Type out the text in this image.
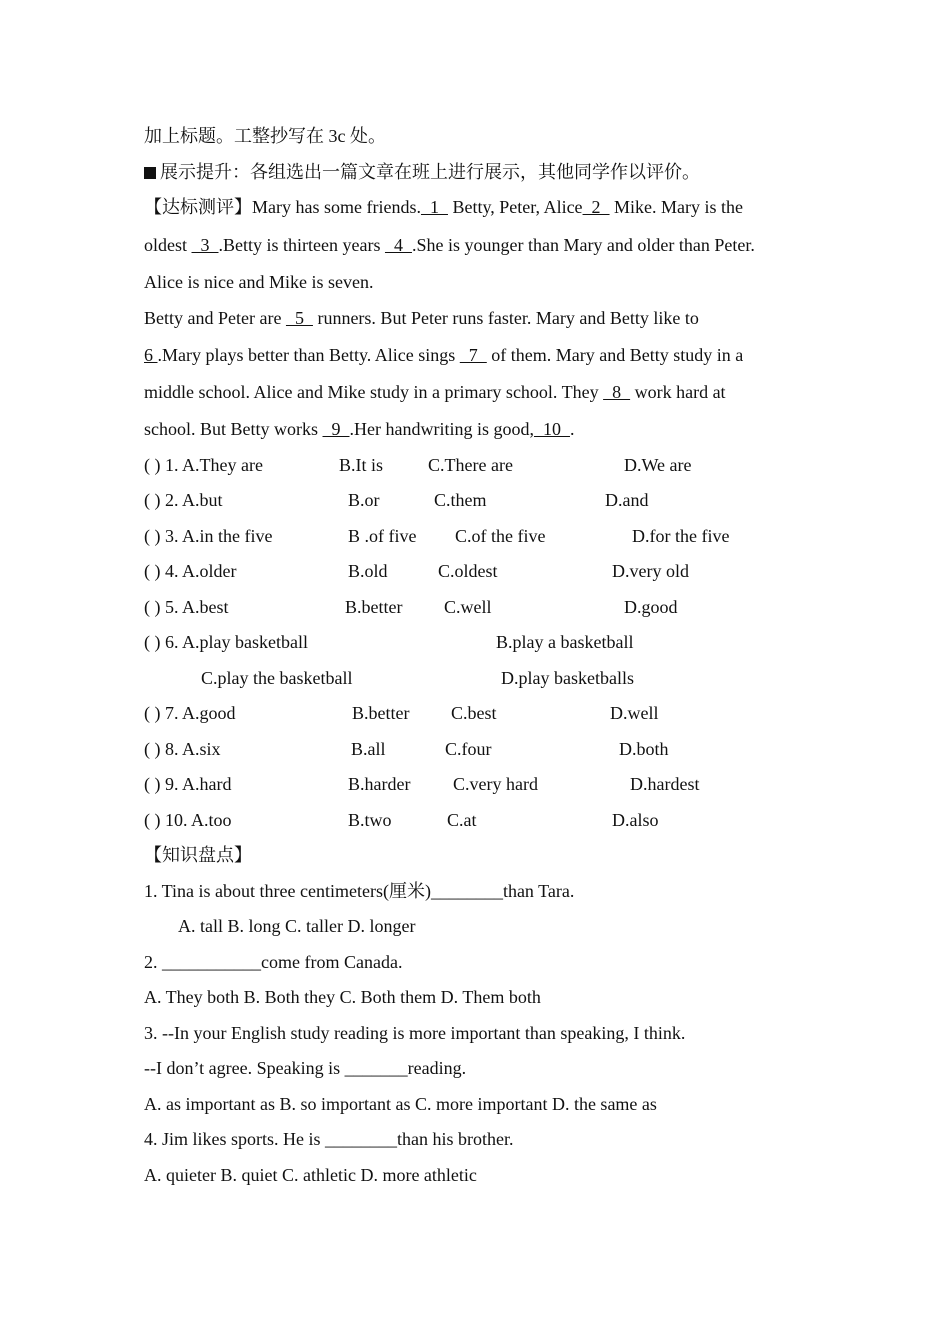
加上标题。工整抄写在 3c 处。
展示提升：各组选出一篇文章在班上进行展示，其他同学作以评价。
【达标测评】Mary has some friends.  1   Betty, Peter, Alice  2   Mike. Mary is the
oldest   3  .Betty is thirteen years   4  .She is younger than Mary and older than Peter.
Alice is nice and Mike is seven.
Betty and Peter are   5   runners. But Peter runs faster. Mary and Betty like to
6 .Mary plays better than Betty. Alice sings   7   of them. Mary and Betty study in a
middle school. Alice and Mike study in a primary school. They   8   work hard at
school. But Betty works   9  .Her handwriting is good,  10  .
( ) 1. A.They are	B.It is C.There are	D.We are
( ) 2. A.but	B.or	C.them	D.and
( ) 3. A.in the five	B .of five C.of the five	D.for the five
( ) 4. A.older	B.old	C.oldest	D.very old
( ) 5. A.best	B.better C.well	D.good
( ) 6. A.play basketball	B.play a basketball
C.play the basketball	D.play basketballs
( ) 7. A.good	B.better C.best	D.well
( ) 8. A.six	B.all	C.four	D.both
( ) 9. A.hard	B.harder C.very hard	D.hardest
( ) 10. A.too	B.two	C.at	D.also
【知识盘点】
1. Tina is about three centimeters(厘米)________than Tara.
A. tall B. long C. taller D. longer
2. ___________come from Canada.
A. They both B. Both they C. Both them D. Them both
3. --In your English study reading is more important than speaking, I think.
--I don’t agree. Speaking is _______reading.
A. as important as B. so important as C. more important D. the same as
4. Jim likes sports. He is ________than his brother.
A. quieter B. quiet C. athletic D. more athletic
